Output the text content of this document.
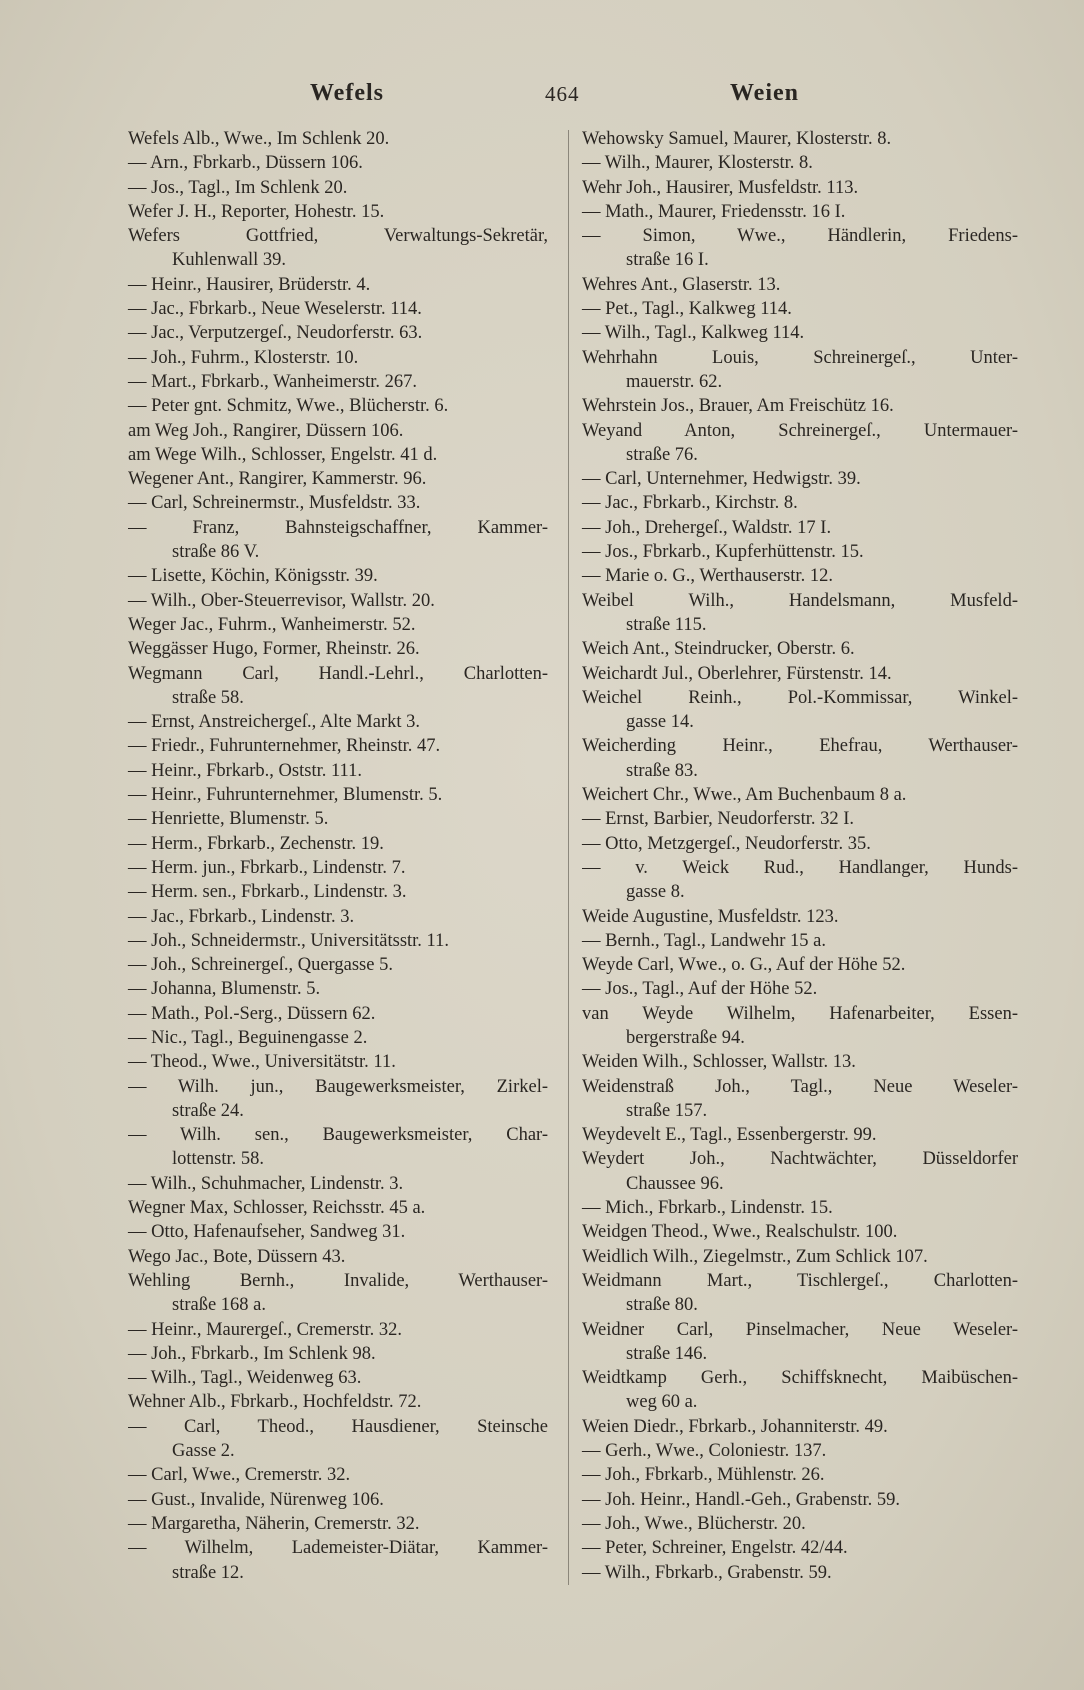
Wefels	464	Weien
Wefels Alb., Wwe., Im Schlenk 20.
— Arn., Fbrkarb., Düssern 106.
— Jos., Tagl., Im Schlenk 20.
Wefer J. H., Reporter, Hohestr. 15.
Wefers Gottfried, Verwaltungs-Sekretär,
Kuhlenwall 39.
— Heinr., Hausirer, Brüderstr. 4.
— Jac., Fbrkarb., Neue Weselerstr. 114.
— Jac., Verputzergeſ., Neudorferstr. 63.
— Joh., Fuhrm., Klosterstr. 10.
— Mart., Fbrkarb., Wanheimerstr. 267.
— Peter gnt. Schmitz, Wwe., Blücherstr. 6.
am Weg Joh., Rangirer, Düssern 106.
am Wege Wilh., Schlosser, Engelstr. 41 d.
Wegener Ant., Rangirer, Kammerstr. 96.
— Carl, Schreinermstr., Musfeldstr. 33.
— Franz, Bahnsteigschaffner, Kammer-
straße 86 V.
— Lisette, Köchin, Königsstr. 39.
— Wilh., Ober-Steuerrevisor, Wallstr. 20.
Weger Jac., Fuhrm., Wanheimerstr. 52.
Weggässer Hugo, Former, Rheinstr. 26.
Wegmann Carl, Handl.-Lehrl., Charlotten-
straße 58.
— Ernst, Anstreichergeſ., Alte Markt 3.
— Friedr., Fuhrunternehmer, Rheinstr. 47.
— Heinr., Fbrkarb., Oststr. 111.
— Heinr., Fuhrunternehmer, Blumenstr. 5.
— Henriette, Blumenstr. 5.
— Herm., Fbrkarb., Zechenstr. 19.
— Herm. jun., Fbrkarb., Lindenstr. 7.
— Herm. sen., Fbrkarb., Lindenstr. 3.
— Jac., Fbrkarb., Lindenstr. 3.
— Joh., Schneidermstr., Universitätsstr. 11.
— Joh., Schreinergeſ., Quergasse 5.
— Johanna, Blumenstr. 5.
— Math., Pol.-Serg., Düssern 62.
— Nic., Tagl., Beguinengasse 2.
— Theod., Wwe., Universitätstr. 11.
— Wilh. jun., Baugewerksmeister, Zirkel-
straße 24.
— Wilh. sen., Baugewerksmeister, Char-
lottenstr. 58.
— Wilh., Schuhmacher, Lindenstr. 3.
Wegner Max, Schlosser, Reichsstr. 45 a.
— Otto, Hafenaufseher, Sandweg 31.
Wego Jac., Bote, Düssern 43.
Wehling Bernh., Invalide, Werthauser-
straße 168 a.
— Heinr., Maurergeſ., Cremerstr. 32.
— Joh., Fbrkarb., Im Schlenk 98.
— Wilh., Tagl., Weidenweg 63.
Wehner Alb., Fbrkarb., Hochfeldstr. 72.
— Carl, Theod., Hausdiener, Steinsche
Gasse 2.
— Carl, Wwe., Cremerstr. 32.
— Gust., Invalide, Nürenweg 106.
— Margaretha, Näherin, Cremerstr. 32.
— Wilhelm, Lademeister-Diätar, Kammer-
straße 12.
Wehowsky Samuel, Maurer, Klosterstr. 8.
— Wilh., Maurer, Klosterstr. 8.
Wehr Joh., Hausirer, Musfeldstr. 113.
— Math., Maurer, Friedensstr. 16 I.
— Simon, Wwe., Händlerin, Friedens-
straße 16 I.
Wehres Ant., Glaserstr. 13.
— Pet., Tagl., Kalkweg 114.
— Wilh., Tagl., Kalkweg 114.
Wehrhahn Louis, Schreinergeſ., Unter-
mauerstr. 62.
Wehrstein Jos., Brauer, Am Freischütz 16.
Weyand Anton, Schreinergeſ., Untermauer-
straße 76.
— Carl, Unternehmer, Hedwigstr. 39.
— Jac., Fbrkarb., Kirchstr. 8.
— Joh., Drehergeſ., Waldstr. 17 I.
— Jos., Fbrkarb., Kupferhüttenstr. 15.
— Marie o. G., Werthauserstr. 12.
Weibel Wilh., Handelsmann, Musfeld-
straße 115.
Weich Ant., Steindrucker, Oberstr. 6.
Weichardt Jul., Oberlehrer, Fürstenstr. 14.
Weichel Reinh., Pol.-Kommissar, Winkel-
gasse 14.
Weicherding Heinr., Ehefrau, Werthauser-
straße 83.
Weichert Chr., Wwe., Am Buchenbaum 8 a.
— Ernst, Barbier, Neudorferstr. 32 I.
— Otto, Metzgergeſ., Neudorferstr. 35.
— v. Weick Rud., Handlanger, Hunds-
gasse 8.
Weide Augustine, Musfeldstr. 123.
— Bernh., Tagl., Landwehr 15 a.
Weyde Carl, Wwe., o. G., Auf der Höhe 52.
— Jos., Tagl., Auf der Höhe 52.
van Weyde Wilhelm, Hafenarbeiter, Essen-
bergerstraße 94.
Weiden Wilh., Schlosser, Wallstr. 13.
Weidenstraß Joh., Tagl., Neue Weseler-
straße 157.
Weydevelt E., Tagl., Essenbergerstr. 99.
Weydert Joh., Nachtwächter, Düsseldorfer
Chaussee 96.
— Mich., Fbrkarb., Lindenstr. 15.
Weidgen Theod., Wwe., Realschulstr. 100.
Weidlich Wilh., Ziegelmstr., Zum Schlick 107.
Weidmann Mart., Tischlergeſ., Charlotten-
straße 80.
Weidner Carl, Pinselmacher, Neue Weseler-
straße 146.
Weidtkamp Gerh., Schiffsknecht, Maibüschen-
weg 60 a.
Weien Diedr., Fbrkarb., Johanniterstr. 49.
— Gerh., Wwe., Coloniestr. 137.
— Joh., Fbrkarb., Mühlenstr. 26.
— Joh. Heinr., Handl.-Geh., Grabenstr. 59.
— Joh., Wwe., Blücherstr. 20.
— Peter, Schreiner, Engelstr. 42/44.
— Wilh., Fbrkarb., Grabenstr. 59.
